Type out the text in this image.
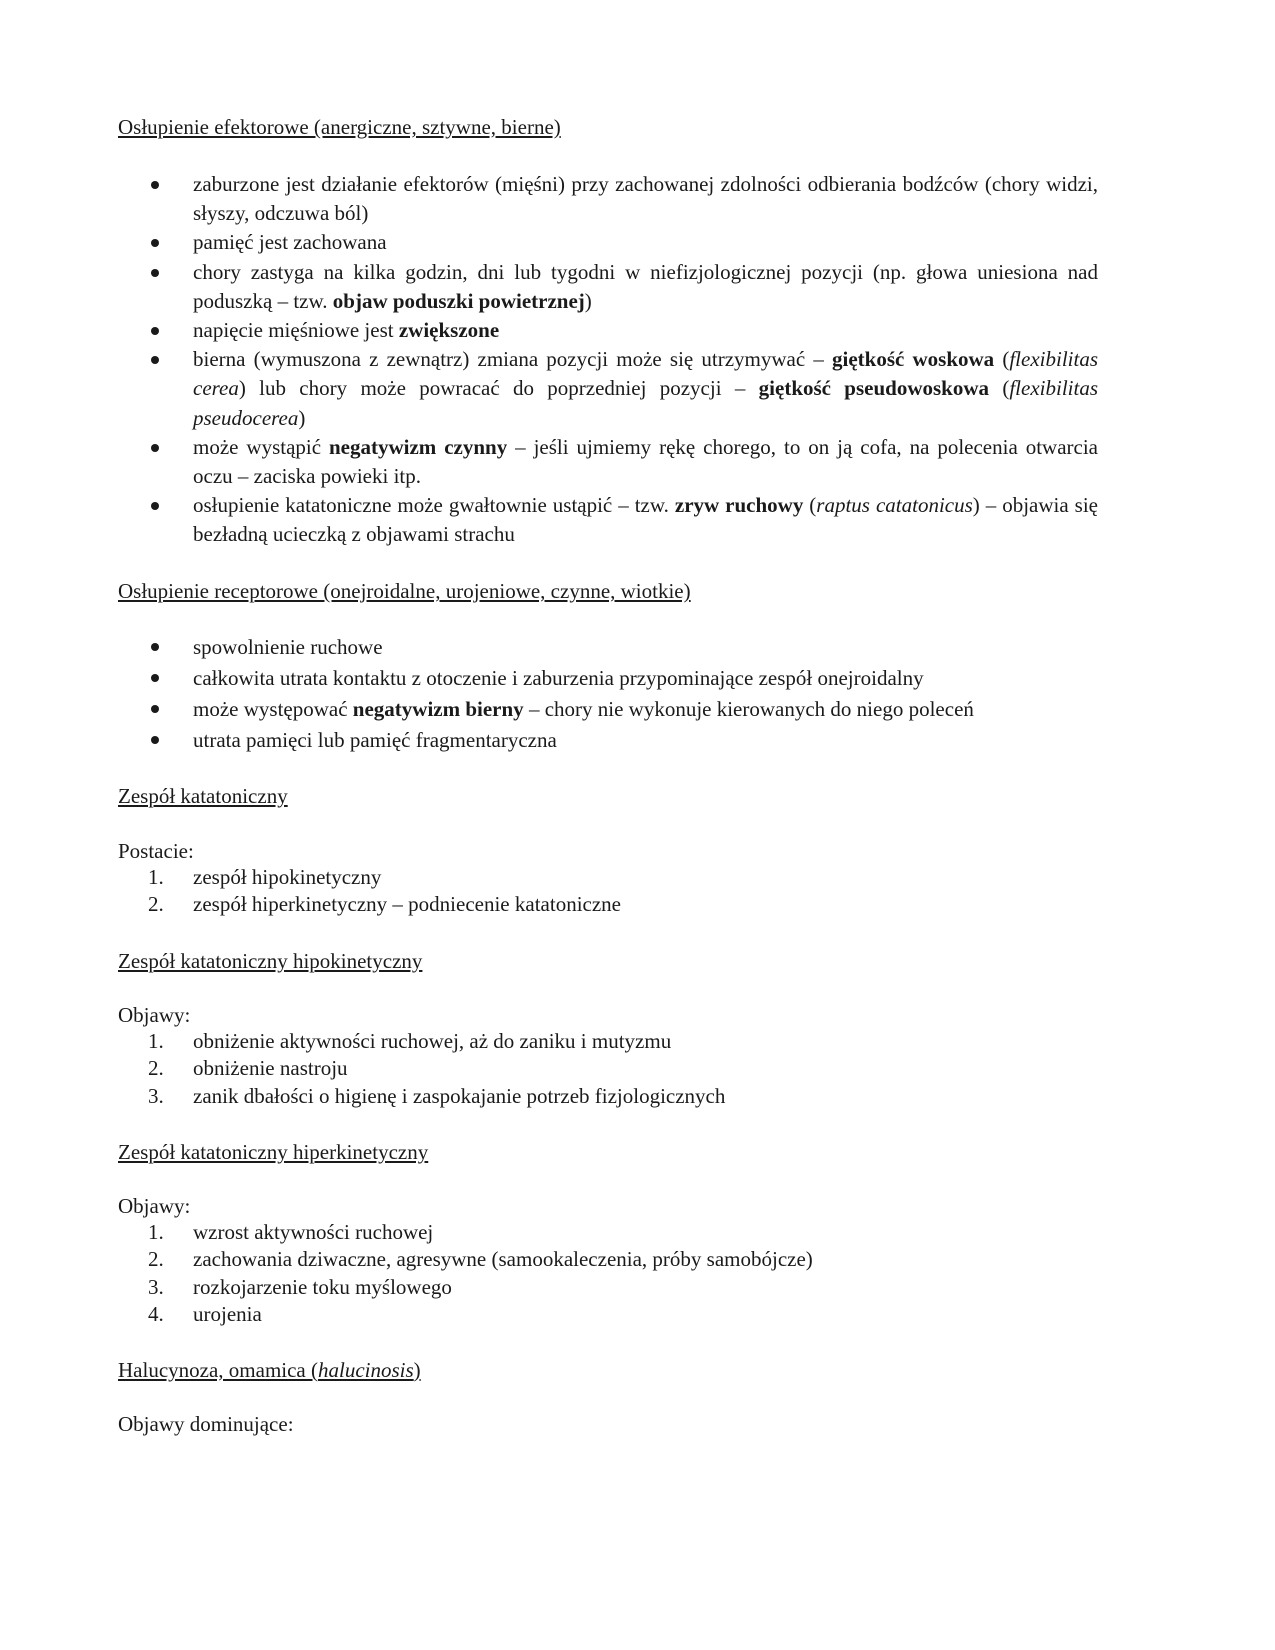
Osłupienie efektorowe (anergiczne, sztywne, bierne)
zaburzone jest działanie efektorów (mięśni) przy zachowanej zdolności odbierania bodźców (chory widzi, słyszy, odczuwa ból)
pamięć jest zachowana
chory zastyga na kilka godzin, dni lub tygodni w niefizjologicznej pozycji (np. głowa uniesiona nad poduszką – tzw. objaw poduszki powietrznej)
napięcie mięśniowe jest zwiększone
bierna (wymuszona z zewnątrz) zmiana pozycji może się utrzymywać – giętkość woskowa (flexibilitas cerea) lub chory może powracać do poprzedniej pozycji – giętkość pseudowoskowa (flexibilitas pseudocerea)
może wystąpić negatywizm czynny – jeśli ujmiemy rękę chorego, to on ją cofa, na polecenia otwarcia oczu – zaciska powieki itp.
osłupienie katatoniczne może gwałtownie ustąpić – tzw. zryw ruchowy (raptus catatonicus) – objawia się bezładną ucieczką z objawami strachu
Osłupienie receptorowe (onejroidalne, urojeniowe, czynne, wiotkie)
spowolnienie ruchowe
całkowita utrata kontaktu z otoczenie i zaburzenia przypominające zespół onejroidalny
może występować negatywizm bierny – chory nie wykonuje kierowanych do niego poleceń
utrata pamięci lub pamięć fragmentaryczna
Zespół katatoniczny

Postacie:

1. zespół hipokinetyczny
2. zespół hiperkinetyczny – podniecenie katatoniczne
Zespół katatoniczny hipokinetyczny

Objawy:

1. obniżenie aktywności ruchowej, aż do zaniku i mutyzmu
2. obniżenie nastroju
3. zanik dbałości o higienę i zaspokajanie potrzeb fizjologicznych
Zespół katatoniczny hiperkinetyczny

Objawy:

1. wzrost aktywności ruchowej
2. zachowania dziwaczne, agresywne (samookaleczenia, próby samobójcze)
3. rozkojarzenie toku myślowego
4. urojenia
Halucynoza, omamica (halucinosis)

Objawy dominujące:
